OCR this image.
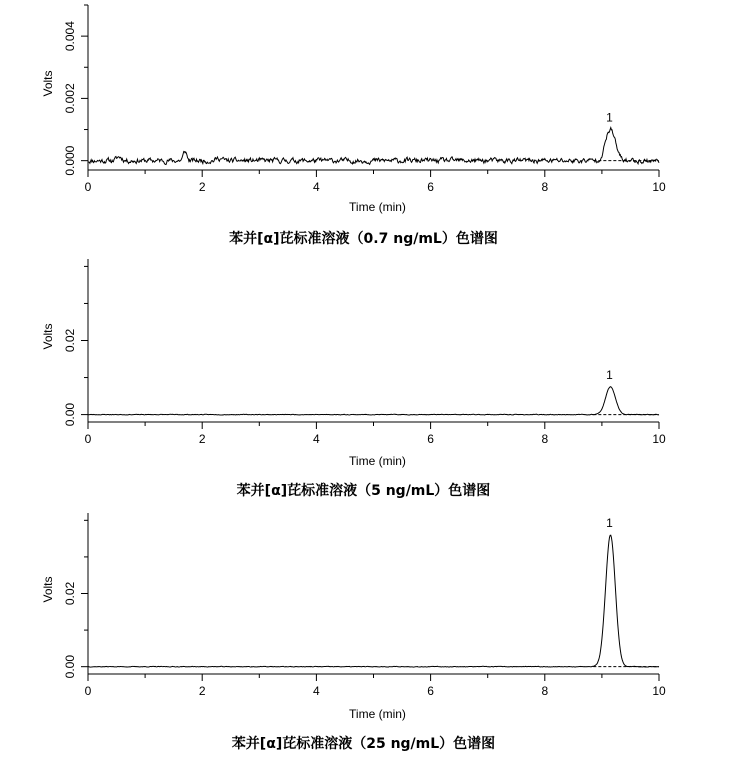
0	2	4	6	8	10
0.000
0.002
0.004
Time (min)
Volts
1
苯并[α]芘标准溶液（0.7 ng/mL）色谱图
0	2	4	6	8	10
0.00
0.02
Time (min)
Volts
1
苯并[α]芘标准溶液（5 ng/mL）色谱图
0	2	4	6	8	10
0.00
0.02
Time (min)
Volts
1
苯并[α]芘标准溶液（25 ng/mL）色谱图
